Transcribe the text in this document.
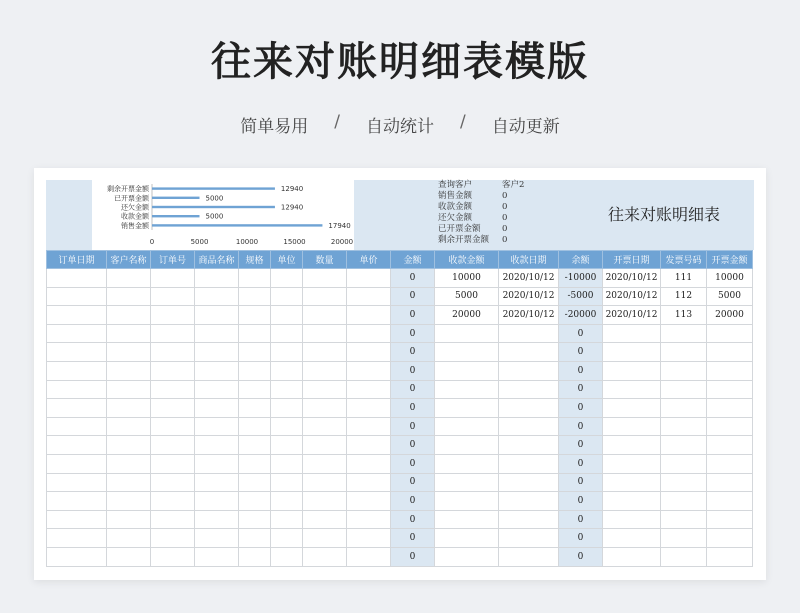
往来对账明细表模版
简单易用 / 自动统计 / 自动更新
剩余开票金额	12940
已开票金额	5000
还欠金额	12940
收款金额	5000
销售金额	17940
0	5000	10000	15000	20000
查询客户	客户2
销售金额	0
收款金额	0
还欠金额	0
已开票金额	0
剩余开票金额 0
往来对账明细表
订单日期	客户名称	订单号	商品名称	规格	单位	数量	单价	金额	收款金额	收款日期	余额	开票日期	发票号码	开票金额
								0	10000	2020/10/12	-10000	2020/10/12	111	10000
								0	5000	2020/10/12	-5000	2020/10/12	112	5000
								0	20000	2020/10/12	-20000	2020/10/12	113	20000
								0			0			
								0			0			
								0			0			
								0			0			
								0			0			
								0			0			
								0			0			
								0			0			
								0			0			
								0			0			
								0			0			
								0			0			
								0			0			
